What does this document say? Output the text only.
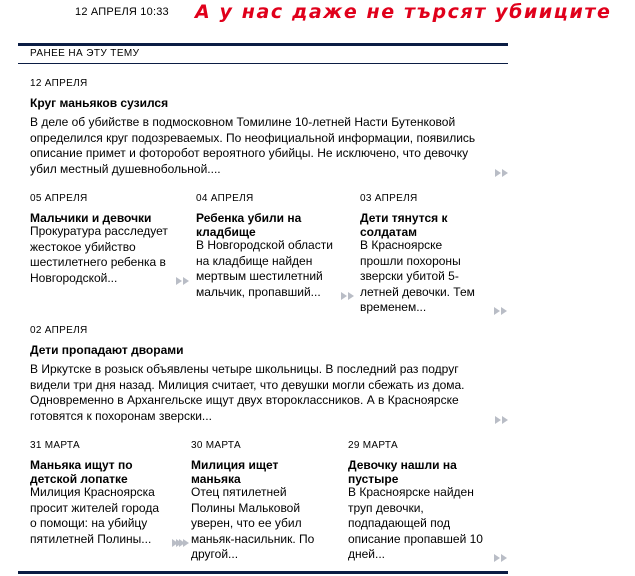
12 АПРЕЛЯ 10:33 А у нас даже не търсят убииците
РАНЕЕ НА ЭТУ ТЕМУ
12 АПРЕЛЯ
Круг маньяков сузился
В деле об убийстве в подмосковном Томилине 10-летней Насти Бутенковой
определился круг подозреваемых. По неофициальной информации, появились
описание примет и фоторобот вероятного убийцы. Не исключено, что девочку
убил местный душевнобольной....
05 АПРЕЛЯ
Мальчики и девочки
Прокуратура расследует
жестокое убийство
шестилетнего ребенка в
Новгородской...
04 АПРЕЛЯ
Ребенка убили на
кладбище
В Новгородской области
на кладбище найден
мертвым шестилетний
мальчик, пропавший...
03 АПРЕЛЯ
Дети тянутся к
солдатам
В Красноярске
прошли похороны
зверски убитой 5-
летней девочки. Тем
временем...
02 АПРЕЛЯ
Дети пропадают дворами
В Иркутске в розыск объявлены четыре школьницы. В последний раз подруг
видели три дня назад. Милиция считает, что девушки могли сбежать из дома.
Одновременно в Архангельске ищут двух второклассников. А в Красноярске
готовятся к похоронам зверски...
31 МАРТА
Маньяка ищут по
детской лопатке
Милиция Красноярска
просит жителей города
о помощи: на убийцу
пятилетней Полины...
30 МАРТА
Милиция ищет
маньяка
Отец пятилетней
Полины Мальковой
уверен, что ее убил
маньяк-насильник. По
другой...
29 МАРТА
Девочку нашли на
пустыре
В Красноярске найден
труп девочки,
подпадающей под
описание пропавшей 10
дней...
